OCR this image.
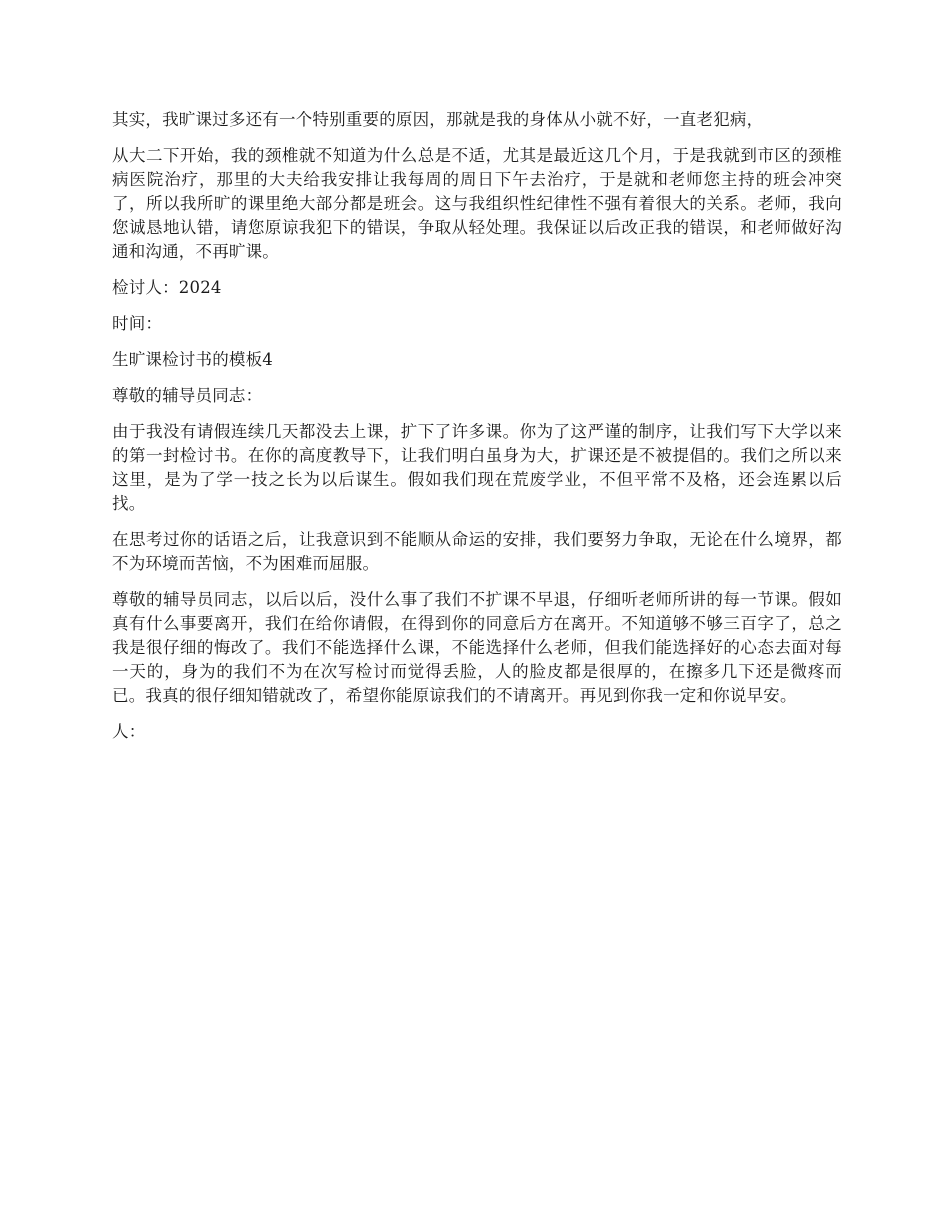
其实，我旷课过多还有一个特别重要的原因，那就是我的身体从小就不好，一直老犯病，

从大二下开始，我的颈椎就不知道为什么总是不适，尤其是最近这几个月，于是我就到市区的颈椎病医院治疗，那里的大夫给我安排让我每周的周日下午去治疗，于是就和老师您主持的班会冲突了，所以我所旷的课里绝大部分都是班会。这与我组织性纪律性不强有着很大的关系。老师，我向您诚恳地认错，请您原谅我犯下的错误，争取从轻处理。我保证以后改正我的错误，和老师做好沟通和沟通，不再旷课。

检讨人：2024

时间：

生旷课检讨书的模板4

尊敬的辅导员同志：

由于我没有请假连续几天都没去上课，扩下了许多课。你为了这严谨的制序，让我们写下大学以来的第一封检讨书。在你的高度教导下，让我们明白虽身为大，扩课还是不被提倡的。我们之所以来这里，是为了学一技之长为以后谋生。假如我们现在荒废学业，不但平常不及格，还会连累以后找。

在思考过你的话语之后，让我意识到不能顺从命运的安排，我们要努力争取，无论在什么境界，都不为环境而苦恼，不为困难而屈服。

尊敬的辅导员同志，以后以后，没什么事了我们不扩课不早退，仔细听老师所讲的每一节课。假如真有什么事要离开，我们在给你请假，在得到你的同意后方在离开。不知道够不够三百字了，总之我是很仔细的悔改了。我们不能选择什么课，不能选择什么老师，但我们能选择好的心态去面对每一天的，身为的我们不为在次写检讨而觉得丢脸，人的脸皮都是很厚的，在擦多几下还是微疼而已。我真的很仔细知错就改了，希望你能原谅我们的不请离开。再见到你我一定和你说早安。

人：
